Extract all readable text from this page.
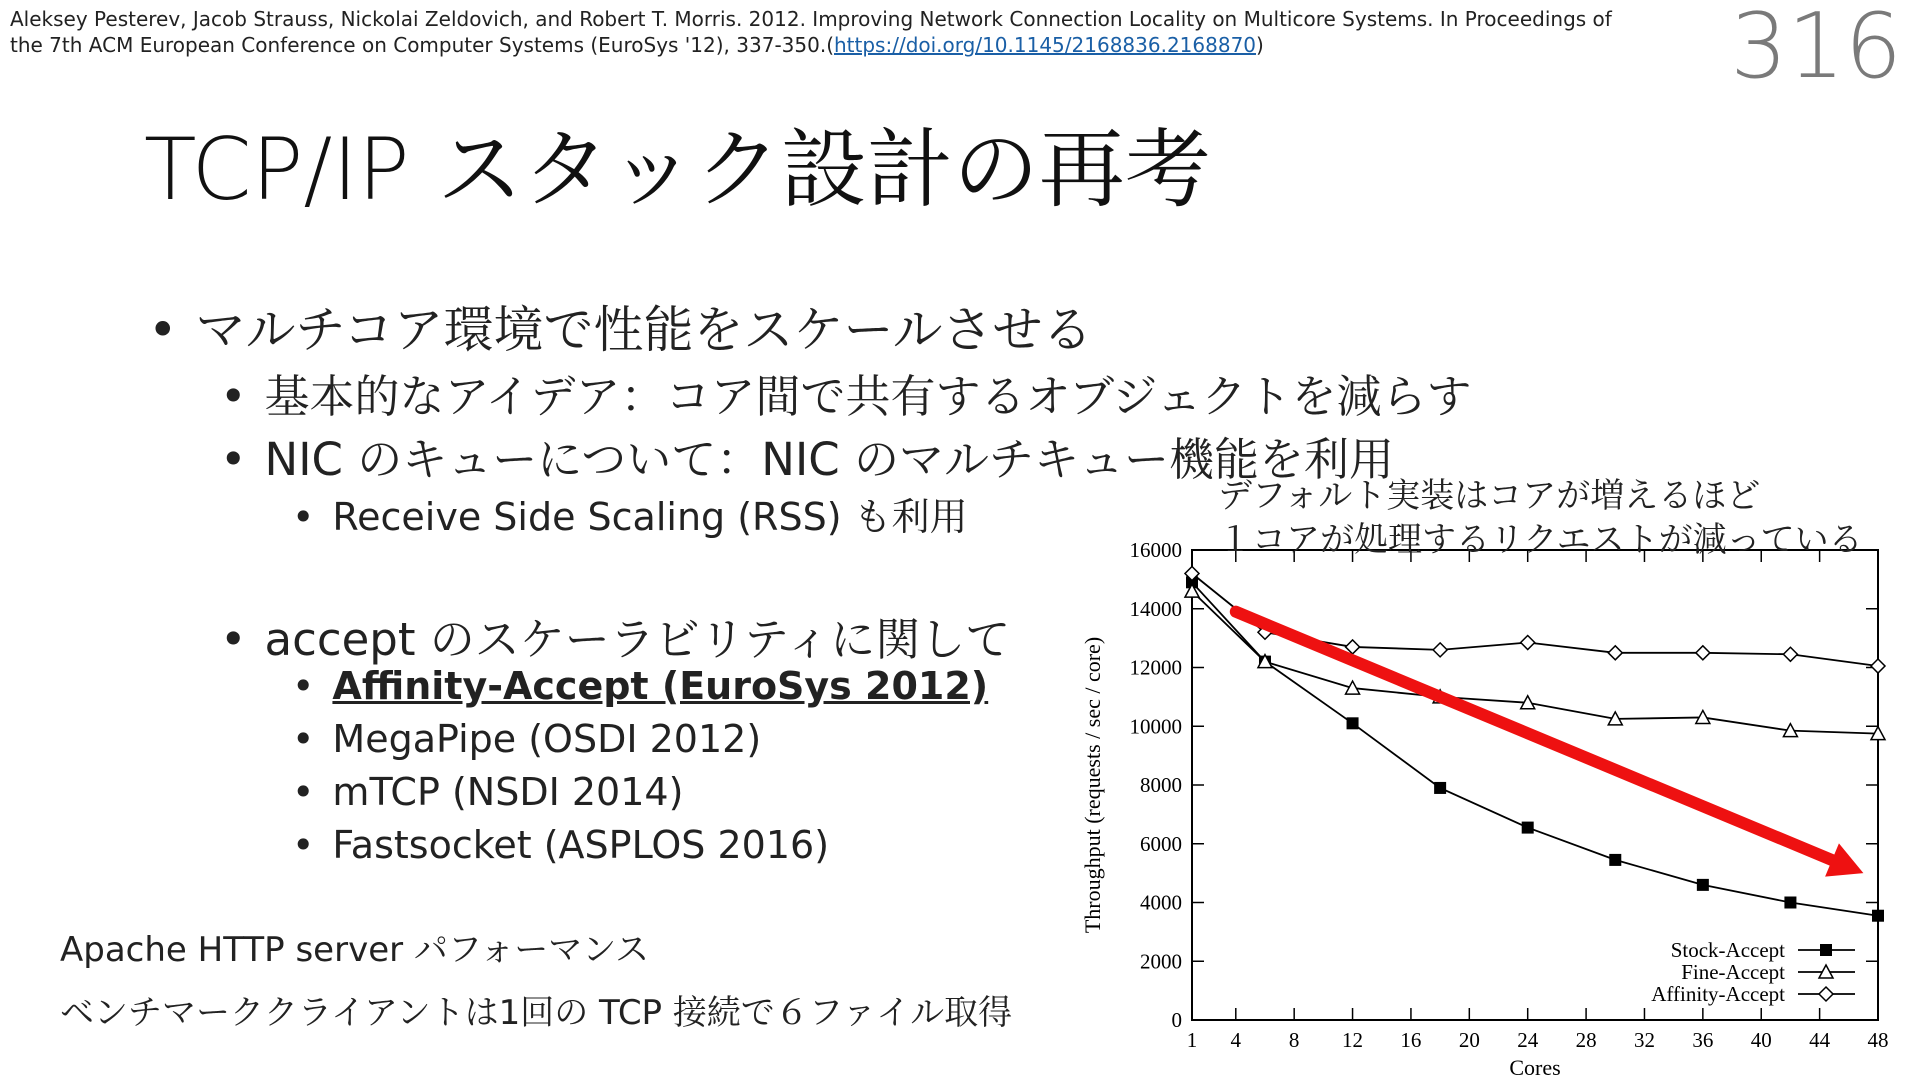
Aleksey Pesterev, Jacob Strauss, Nickolai Zeldovich, and Robert T. Morris. 2012. Improving Network Connection Locality on Multicore Systems. In Proceedings of
the 7th ACM European Conference on Computer Systems (EuroSys '12), 337-350.(https://doi.org/10.1145/2168836.2168870)	316
TCP/IP スタック設計の再考
• マルチコア環境で性能をスケールさせる
• 基本的なアイデア：コア間で共有するオブジェクトを減らす
• NIC のキューについて：NIC のマルチキュー機能を利用
• Receive Side Scaling (RSS) も利用
• accept のスケーラビリティに関して
• Affinity-Accept (EuroSys 2012)
• MegaPipe (OSDI 2012)
• mTCP (NSDI 2014)
• Fastsocket (ASPLOS 2016)
Apache HTTP server パフォーマンス
ベンチマーククライアントは1回の TCP 接続で６ファイル取得	0
2000
4000
6000
8000
10000
12000
14000
16000
1 4 8 12 16 20 24 28 32 36 40 44 48
Cores
Throughput (requests / sec / core)
Stock-Accept
Fine-Accept
Affinity-Accept
デフォルト実装はコアが増えるほど
１コアが処理するリクエストが減っている
